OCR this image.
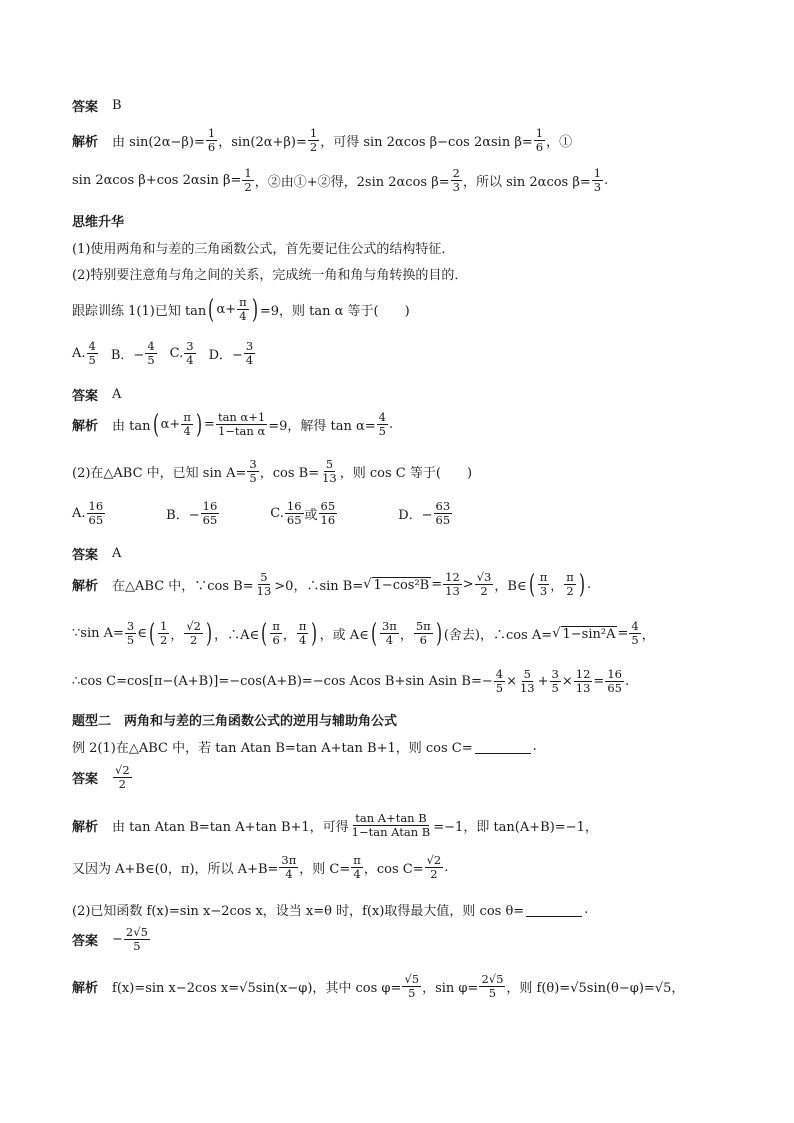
答案 B
解析 由 $\sin(2\alpha-\beta)= \frac{1}{6}$ ，$\sin(2\alpha+\beta)= \frac{1}{2}$ ，可得 sin 2αcos β−cos 2αsin $\beta= \frac{1}{6}$ ，①
sin 2αcos β+cos 2αsin $\beta= \frac{1}{2}$ ，②由①+②得，2sin 2αcos $\beta= \frac{2}{3}$ ，所以 sin 2αcos $\beta= \frac{1}{3}$ .
思维升华
(1)使用两角和与差的三角函数公式，首先要记住公式的结构特征．
(2)特别要注意角与角之间的关系，完成统一角和角与角转换的目的．
跟踪训练 1(1)已知 tan ( $\alpha+ \frac{\pi}{4}$ ) =9，则 tan α 等于(　　)
A. $\frac{4}{5}$ B．− $\frac{4}{5} C$. $\frac{3}{4}$ D．− $\frac{3}{4}$
答案 A
解析 由 tan ( $\alpha+ \frac{\pi}{4}$ ) = $\frac{\text{tan α+1}}{\text{1−tan α}} =9$，解得 $\tan \alpha= \frac{4}{5}$ .
(2)在△ABC 中，已知 $\sin A= \frac{3}{5}$ ，$\cos B= \frac{5}{13}$ ，则 cos C 等于(　　)
A. $\frac{16}{65}$	B．− $\frac{16}{65}$	C. $\frac{16}{65}$ 或 $\frac{65}{16}$	D．− $\frac{63}{65}$
答案 A
解析 在△ABC 中，∵cos $B= \frac{5}{13} >0$，∴sin B= √ $1-\cos^2B = \frac{12}{13} > \frac{√3}{2}$ ，B∈ ( $\frac{\pi}{3}$ ， $\frac{\pi}{2}$ ) .
∵sin $A= \frac{3}{5}$ ∈ ( $\frac{1}{2}$ ， $\frac{√2}{2}$ ) ，∴A∈ ( $\frac{\pi}{6}$ ， $\frac{\pi}{4}$ ) ，或 A∈ ( $\frac{3\pi}{4}$ ， $\frac{5\pi}{6}$ ) (舍去)，∴cos A= √ $1-\sin^2A = \frac{4}{5}$ ，
∴cos C=cos[π−(A+B)]=−cos(A+B)=−cos Acos B+sin Asin $B=- \frac{4}{5} \times \frac{5}{13} + \frac{3}{5} \times \frac{12}{13} = \frac{16}{65}$ .
题型二　两角和与差的三角函数公式的逆用与辅助角公式
例 2(1)在△ABC 中，若 tan Atan B=tan A+tan B+1，则 cos C=	.
答案 $\frac{√2}{2}$
解析 由 tan Atan B=tan A+tan B+1，可得 $\frac{\text{tan A+tan B}}{\text{1−tan Atan B}} =-1$，即 tan(A+B)=−1，
又因为 A+B∈(0，π)，所以 $A+B= \frac{3\pi}{4}$ ，则 $C= \frac{\pi}{4}$ ，$\cos C= \frac{√2}{2}$ .
(2)已知函数 f(x)=sin x−2cos x，设当 x=θ 时，f(x)取得最大值，则 cos θ=	.
答案 − $\frac{2√5}{5}$
解析 f(x)=sin x−2cos x=√5sin(x−φ)，其中 $\cos \varphi= \frac{√5}{5}$ ，$\sin \varphi= \frac{2√5}{5}$ ，则 f(θ)=√5sin(θ−φ)=√5，
